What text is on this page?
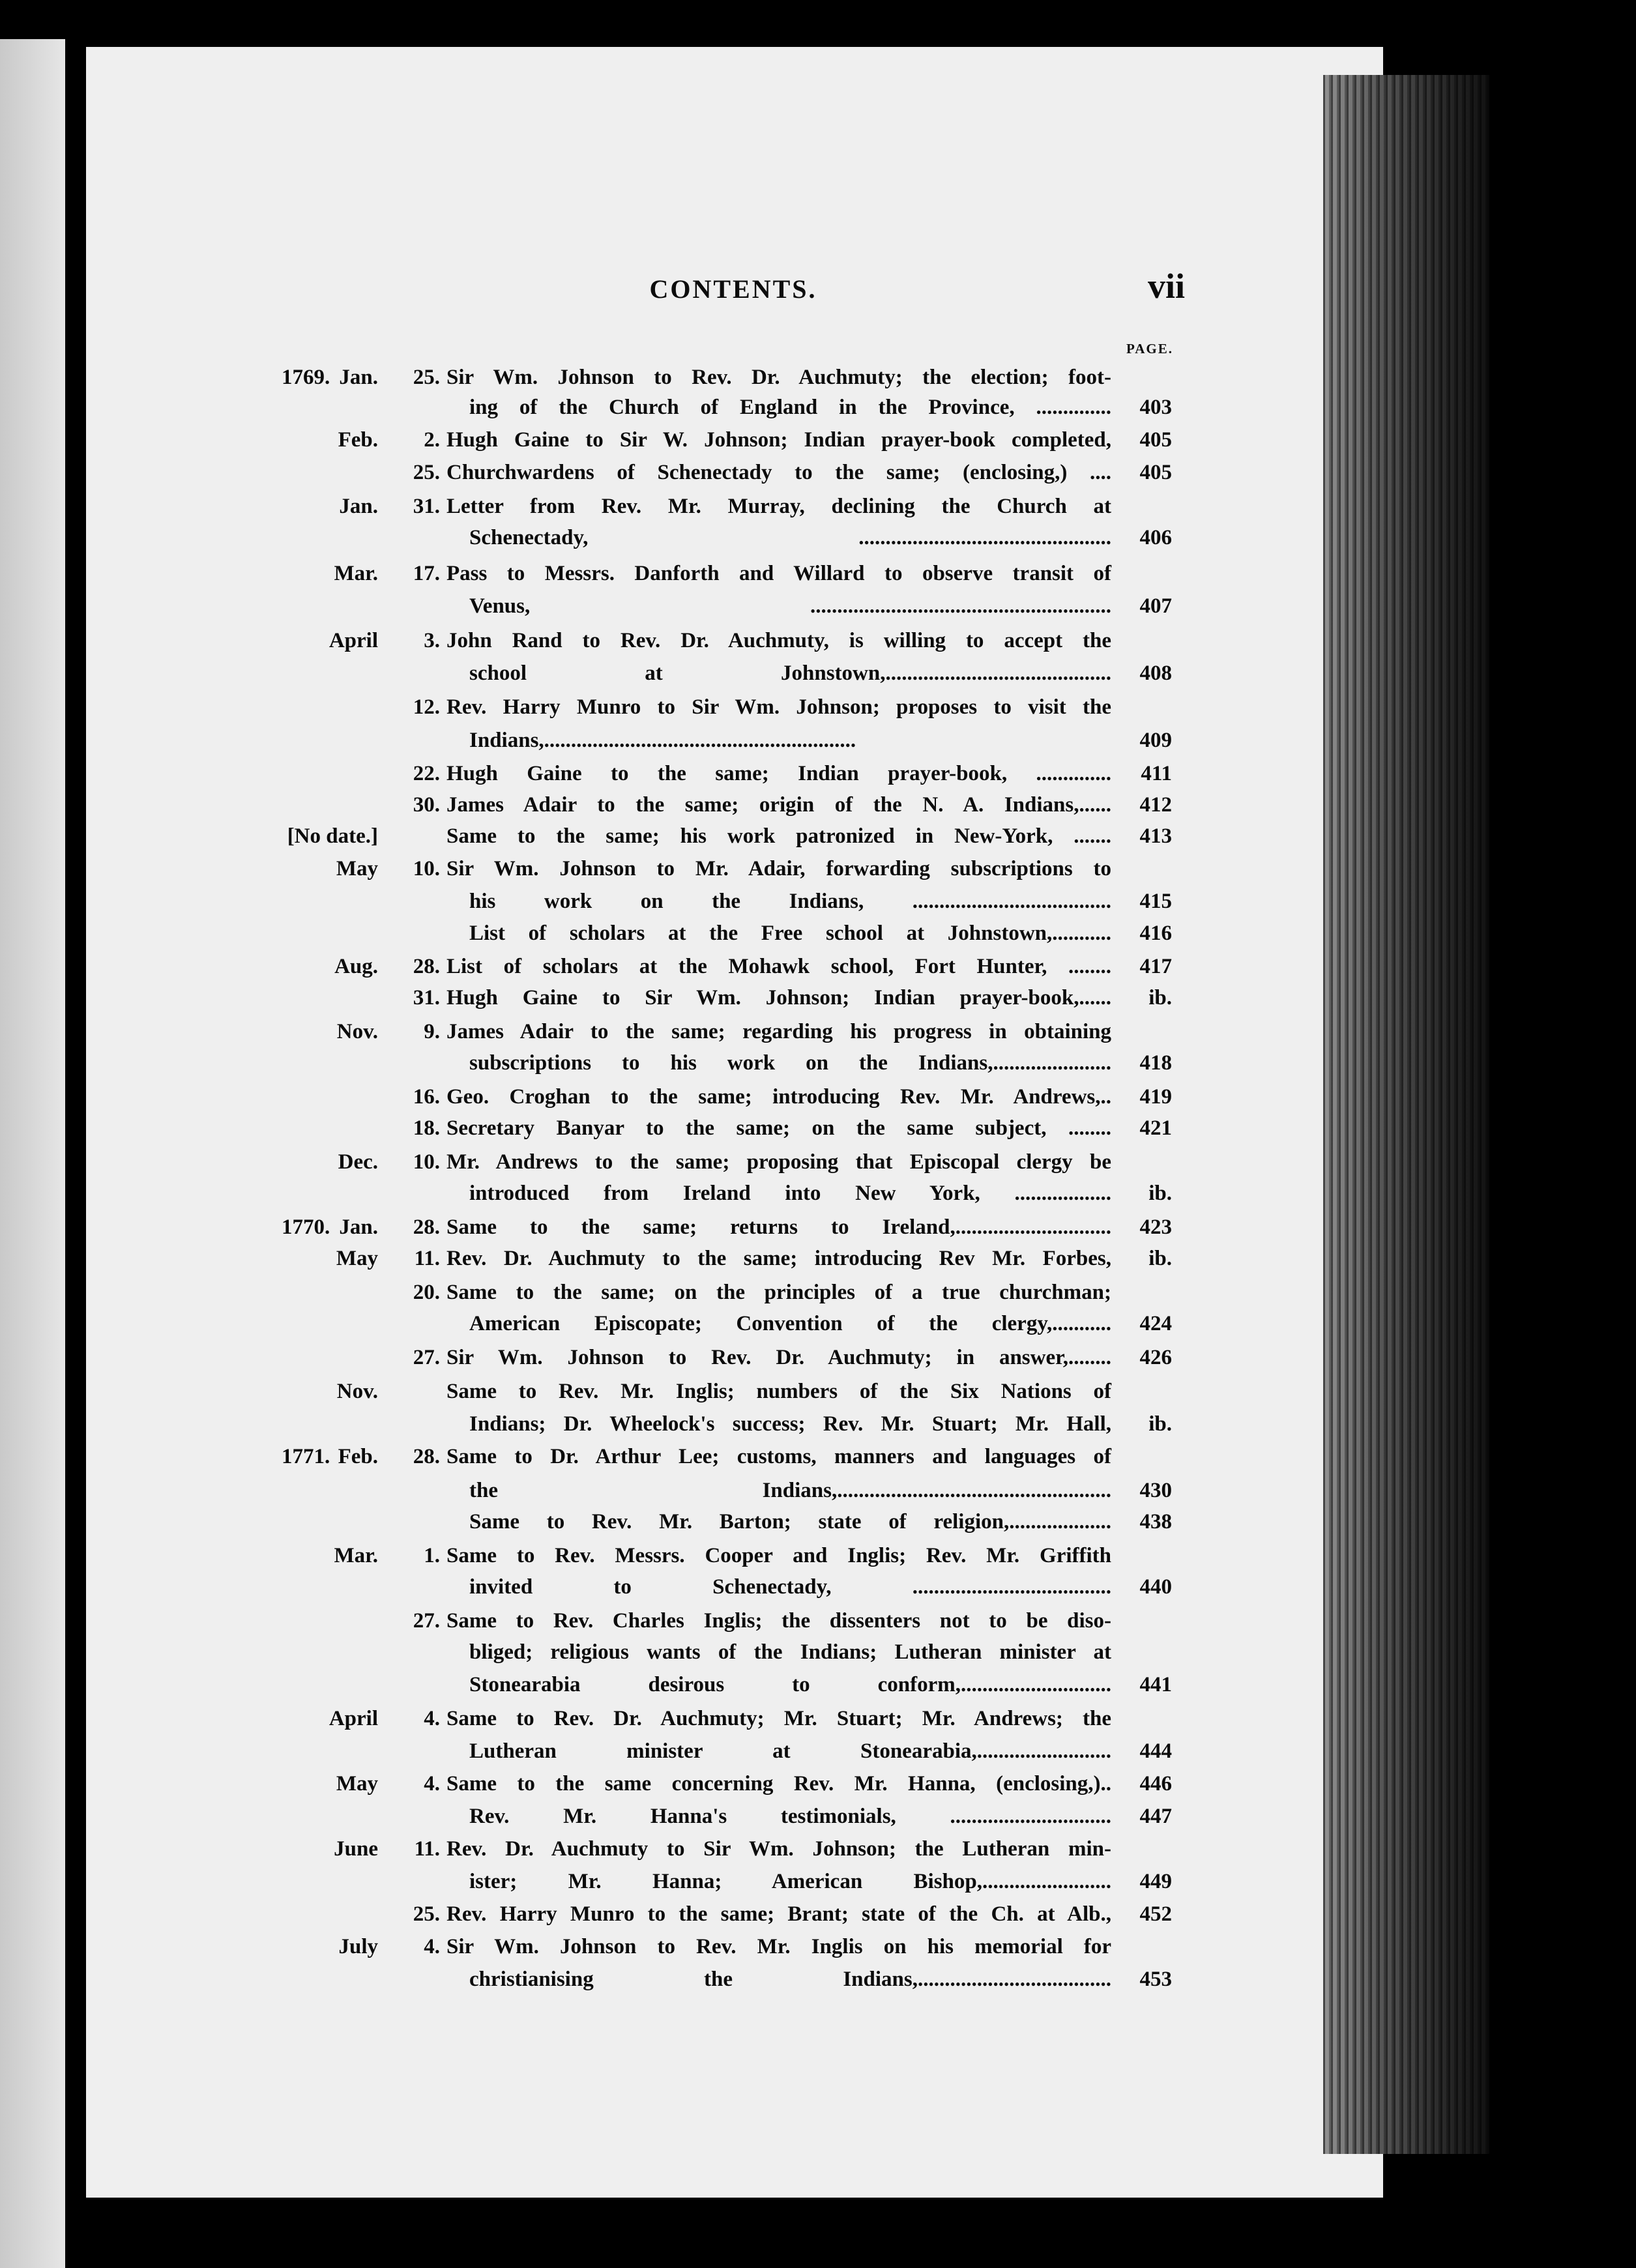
CONTENTS.	vii
PAGE.
1769. Jan. 25. Sir Wm. Johnson to Rev. Dr. Auchmuty; the election; foot-
ing of the Church of England in the Province, ..............	403
Feb. 2. Hugh Gaine to Sir W. Johnson; Indian prayer-book completed,	405
25. Churchwardens of Schenectady to the same; (enclosing,) ....	405
Jan. 31. Letter from Rev. Mr. Murray, declining the Church at
Schenectady, ...............................................	406
Mar. 17. Pass to Messrs. Danforth and Willard to observe transit of
Venus, ........................................................	407
April 3. John Rand to Rev. Dr. Auchmuty, is willing to accept the
school at Johnstown,..........................................	408
12. Rev. Harry Munro to Sir Wm. Johnson; proposes to visit the
Indians,..........................................................	409
22. Hugh Gaine to the same; Indian prayer-book, ..............	411
30. James Adair to the same; origin of the N. A. Indians,......	412
[No date.]	Same to the same; his work patronized in New-York, .......	413
May 10. Sir Wm. Johnson to Mr. Adair, forwarding subscriptions to
his work on the Indians, .....................................	415
List of scholars at the Free school at Johnstown,...........	416
Aug. 28. List of scholars at the Mohawk school, Fort Hunter, ........	417
31. Hugh Gaine to Sir Wm. Johnson; Indian prayer-book,......	ib.
Nov. 9. James Adair to the same; regarding his progress in obtaining
subscriptions to his work on the Indians,......................	418
16. Geo. Croghan to the same; introducing Rev. Mr. Andrews,..	419
18. Secretary Banyar to the same; on the same subject, ........	421
Dec. 10. Mr. Andrews to the same; proposing that Episcopal clergy be
introduced from Ireland into New York, ..................	ib.
1770. Jan. 28. Same to the same; returns to Ireland,.............................	423
May 11. Rev. Dr. Auchmuty to the same; introducing Rev Mr. Forbes,	ib.
20. Same to the same; on the principles of a true churchman;
American Episcopate; Convention of the clergy,...........	424
27. Sir Wm. Johnson to Rev. Dr. Auchmuty; in answer,........	426
Nov.	Same to Rev. Mr. Inglis; numbers of the Six Nations of
Indians; Dr. Wheelock's success; Rev. Mr. Stuart; Mr. Hall,	ib.
1771. Feb. 28. Same to Dr. Arthur Lee; customs, manners and languages of
the Indians,...................................................	430
Same to Rev. Mr. Barton; state of religion,...................	438
Mar. 1. Same to Rev. Messrs. Cooper and Inglis; Rev. Mr. Griffith
invited to Schenectady, .....................................	440
27. Same to Rev. Charles Inglis; the dissenters not to be diso-
bliged; religious wants of the Indians; Lutheran minister at
Stonearabia desirous to conform,............................	441
April 4. Same to Rev. Dr. Auchmuty; Mr. Stuart; Mr. Andrews; the
Lutheran minister at Stonearabia,.........................	444
May 4. Same to the same concerning Rev. Mr. Hanna, (enclosing,)..	446
Rev. Mr. Hanna's testimonials, ..............................	447
June 11. Rev. Dr. Auchmuty to Sir Wm. Johnson; the Lutheran min-
ister; Mr. Hanna; American Bishop,........................	449
25. Rev. Harry Munro to the same; Brant; state of the Ch. at Alb.,	452
July 4. Sir Wm. Johnson to Rev. Mr. Inglis on his memorial for
christianising the Indians,....................................	453
